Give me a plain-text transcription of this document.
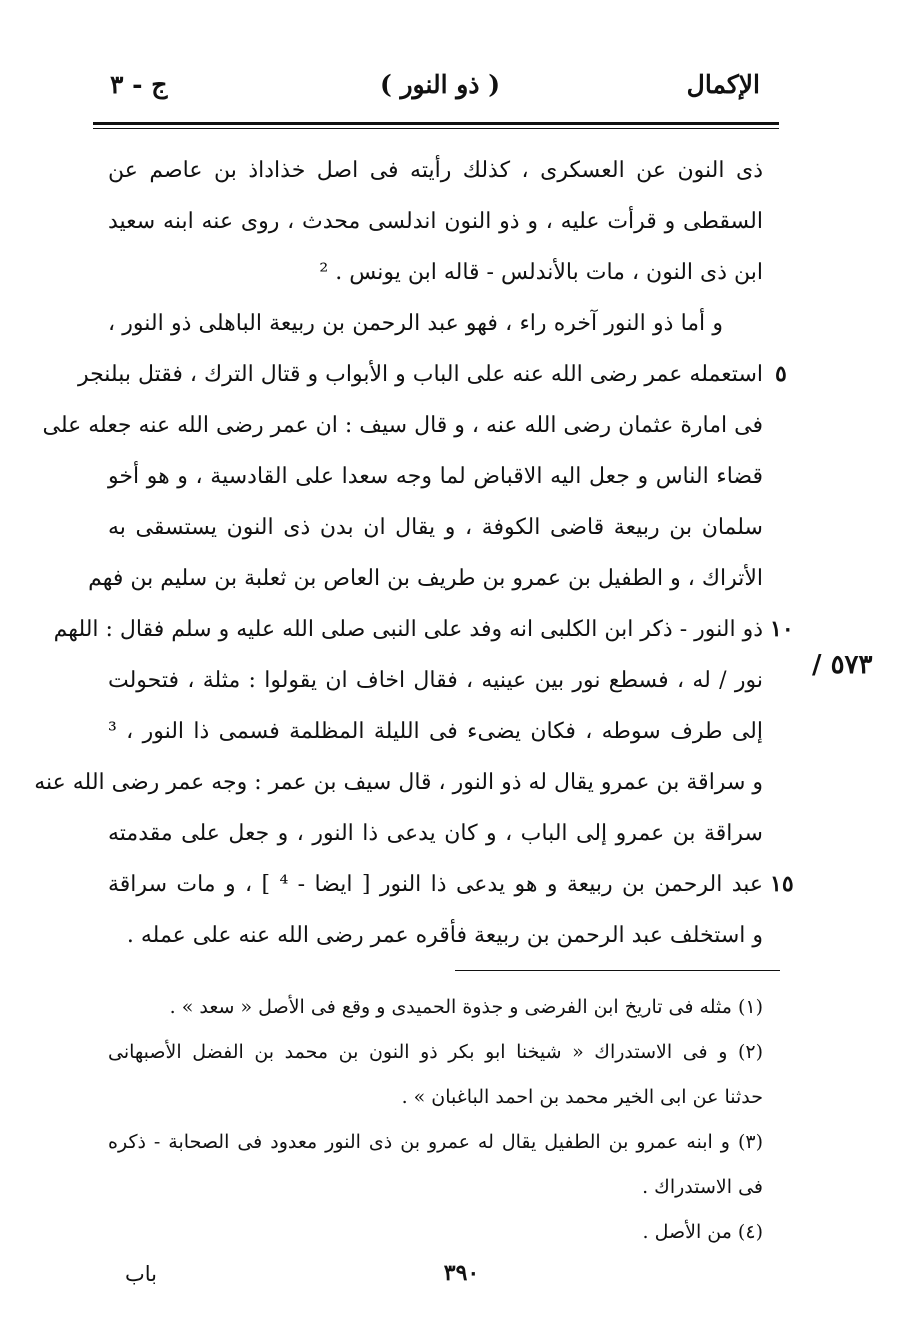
الإكمال
( ذو النور )
ج - ٣
ذى النون عن العسكرى ، كذلك رأيته فى اصل خذاداذ بن عاصم عن
السقطى و قرأت عليه ، و ذو النون اندلسى محدث ، روى عنه ابنه سعيد
ابن ذى النون ، مات بالأندلس - قاله ابن يونس . ²
و أما ذو النور آخره راء ، فهو عبد الرحمن بن ربيعة الباهلى ذو النور ،
استعمله عمر رضى الله عنه على الباب و الأبواب و قتال الترك ، فقتل ببلنجر
فى امارة عثمان رضى الله عنه ، و قال سيف : ان عمر رضى الله عنه جعله على
قضاء الناس و جعل اليه الاقباض لما وجه سعدا على القادسية ، و هو أخو
سلمان بن ربيعة قاضى الكوفة ، و يقال ان بدن ذى النون يستسقى به
الأتراك ، و الطفيل بن عمرو بن طريف بن العاص بن ثعلبة بن سليم بن فهم
ذو النور - ذكر ابن الكلبى انه وفد على النبى صلى الله عليه و سلم فقال : اللهم
نور / له ، فسطع نور بين عينيه ، فقال اخاف ان يقولوا : مثلة ، فتحولت
إلى طرف سوطه ، فكان يضىء فى الليلة المظلمة فسمى ذا النور ، ³
و سراقة بن عمرو يقال له ذو النور ، قال سيف بن عمر : وجه عمر رضى الله عنه
سراقة بن عمرو إلى الباب ، و كان يدعى ذا النور ، و جعل على مقدمته
عبد الرحمن بن ربيعة و هو يدعى ذا النور [ ايضا - ⁴ ] ، و مات سراقة
و استخلف عبد الرحمن بن ربيعة فأقره عمر رضى الله عنه على عمله .
٥
١٠
١٥
/ ٥٧٣
(١) مثله فى تاريخ ابن الفرضى و جذوة الحميدى و وقع فى الأصل « سعد » .
(٢) و فى الاستدراك « شيخنا ابو بكر ذو النون بن محمد بن الفضل الأصبهانى
حدثنا عن ابى الخير محمد بن احمد الباغبان » .
(٣) و ابنه عمرو بن الطفيل يقال له عمرو بن ذى النور معدود فى الصحابة - ذكره
فى الاستدراك .
(٤) من الأصل .
٣٩٠
باب
